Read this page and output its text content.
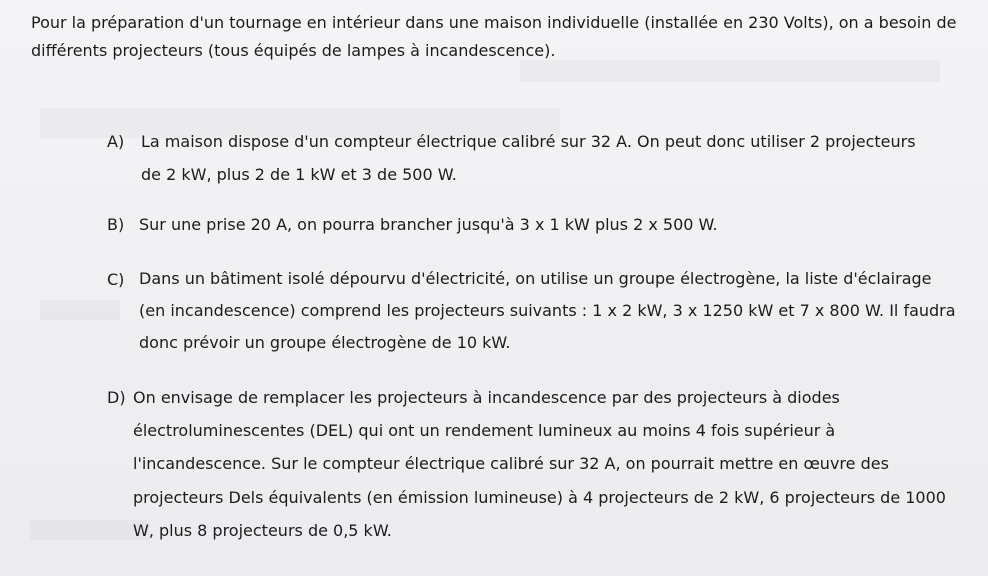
Pour la préparation d'un tournage en intérieur dans une maison individuelle (installée en 230 Volts), on a besoin de différents projecteurs (tous équipés de lampes à incandescence).

A)	La maison dispose d'un compteur électrique calibré sur 32 A. On peut donc utiliser 2 projecteurs de 2 kW, plus 2 de 1 kW et 3 de 500 W.
B) Sur une prise 20 A, on pourra brancher jusqu'à 3 x 1 kW plus 2 x 500 W.
C) Dans un bâtiment isolé dépourvu d'électricité, on utilise un groupe électrogène, la liste d'éclairage (en incandescence) comprend les projecteurs suivants : 1 x 2 kW, 3 x 1250 kW et 7 x 800 W. Il faudra donc prévoir un groupe électrogène de 10 kW.
D) On envisage de remplacer les projecteurs à incandescence par des projecteurs à diodes électroluminescentes (DEL) qui ont un rendement lumineux au moins 4 fois supérieur à l'incandescence. Sur le compteur électrique calibré sur 32 A, on pourrait mettre en œuvre des projecteurs Dels équivalents (en émission lumineuse) à 4 projecteurs de 2 kW, 6 projecteurs de 1000 W, plus 8 projecteurs de 0,5 kW.
